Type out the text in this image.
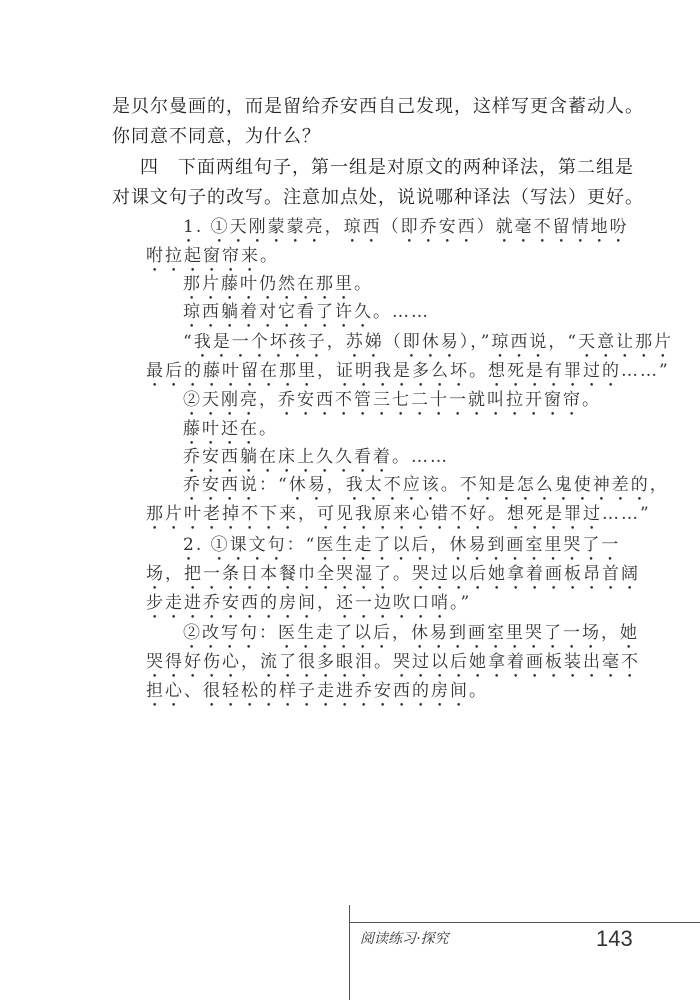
是贝尔曼画的，而是留给乔安西自己发现，这样写更含蓄动人。
你同意不同意，为什么？
四　下面两组句子，第一组是对原文的两种译法，第二组是
对课文句子的改写。注意加点处，说说哪种译法（写法）更好。
1. ①天刚蒙蒙亮，琼西（即乔安西）就毫不留情地吩
咐拉起窗帘来。
那片藤叶仍然在那里。
琼西躺着对它看了许久。……
“我是一个坏孩子，苏娣（即休易），”琼西说，“天意让那片
最后的藤叶留在那里，证明我是多么坏。想死是有罪过的……”
②天刚亮，乔安西不管三七二十一就叫拉开窗帘。
藤叶还在。
乔安西躺在床上久久看着。……
乔安西说：“休易，我太不应该。不知是怎么鬼使神差的，
那片叶老掉不下来，可见我原来心错不好。想死是罪过……”
2. ①课文句：“医生走了以后，休易到画室里哭了一
场，把一条日本餐巾全哭湿了。哭过以后她拿着画板昂首阔
步走进乔安西的房间，还一边吹口哨。”
②改写句：医生走了以后，休易到画室里哭了一场，她
哭得好伤心，流了很多眼泪。哭过以后她拿着画板装出毫不
担心、很轻松的样子走进乔安西的房间。
阅读练习·探究	143
